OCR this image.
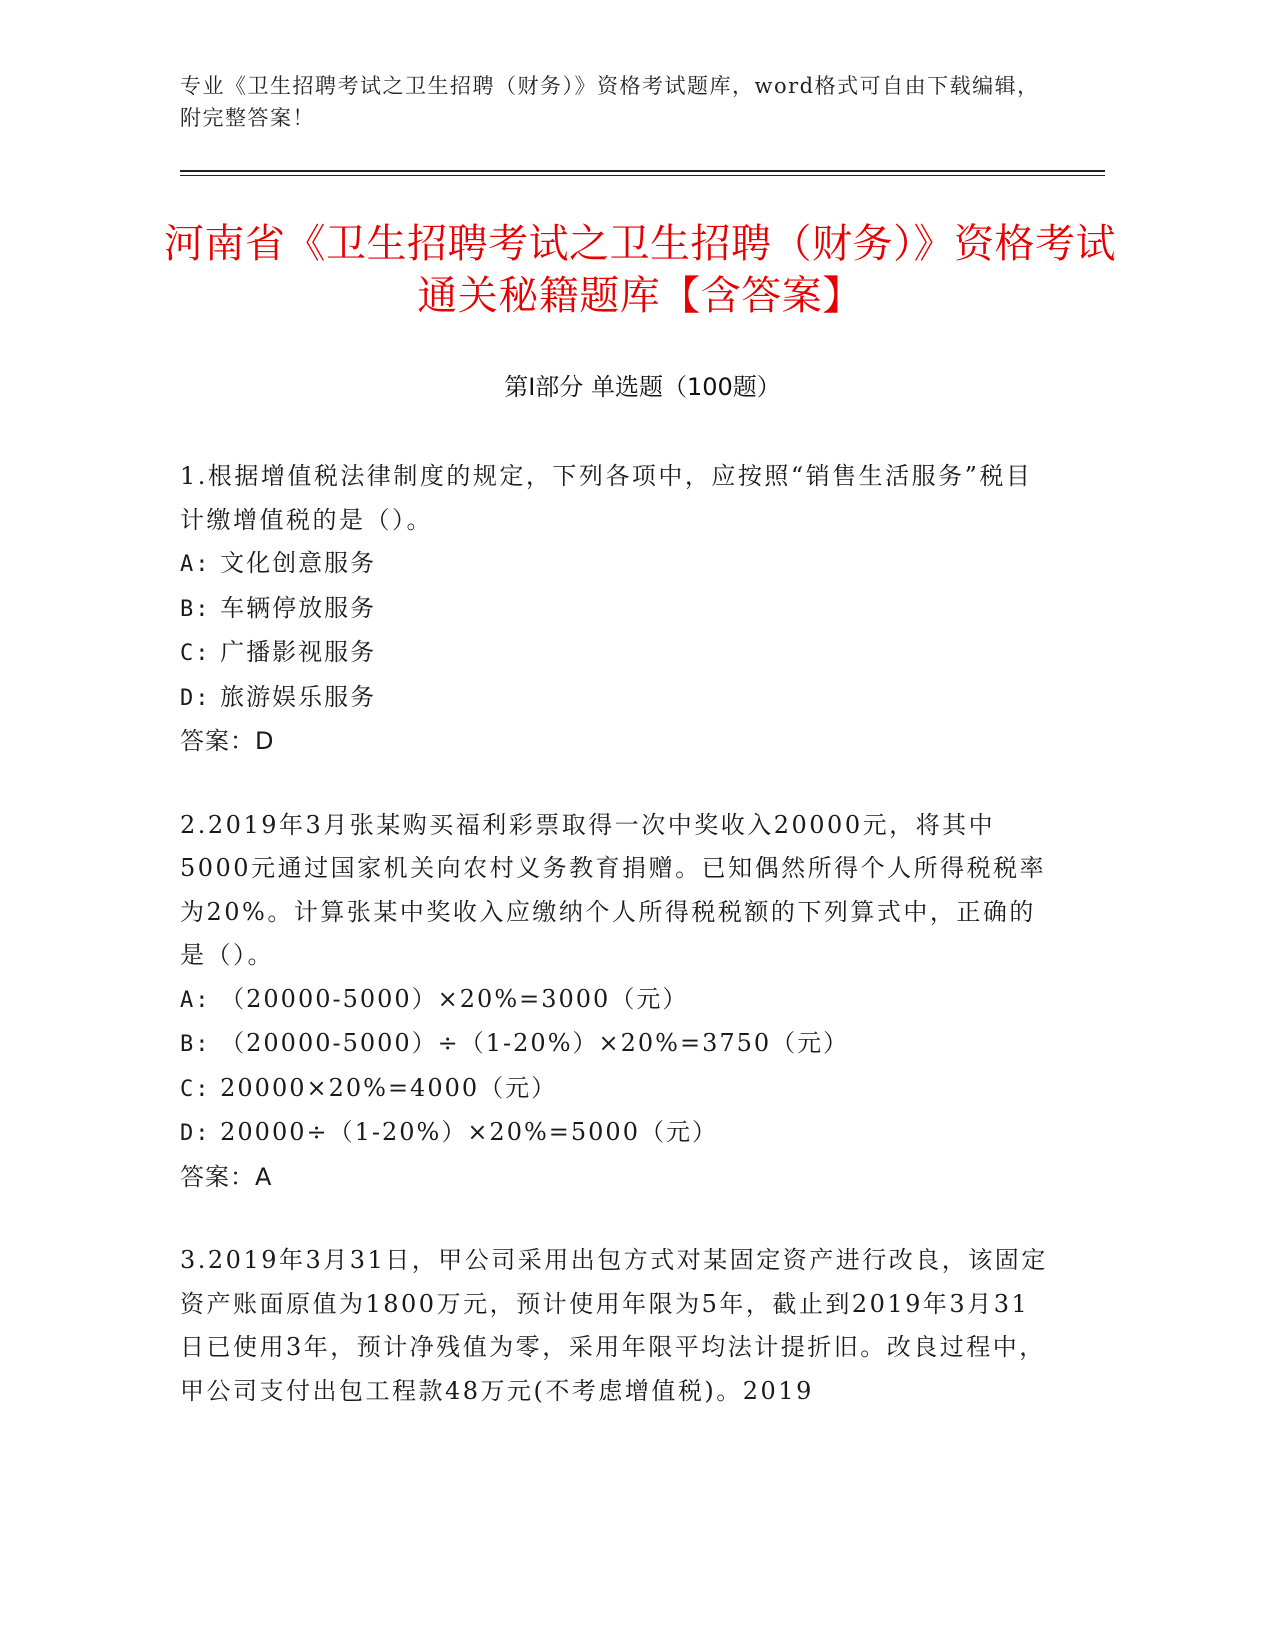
专业《卫生招聘考试之卫生招聘（财务）》资格考试题库，word格式可自由下载编辑，附完整答案！
河南省《卫生招聘考试之卫生招聘（财务）》资格考试通关秘籍题库【含答案】
第Ⅰ部分 单选题（100题）

1.根据增值税法律制度的规定，下列各项中，应按照“销售生活服务”税目计缴增值税的是（）。

A: 文化创意服务

B: 车辆停放服务

C: 广播影视服务

D: 旅游娱乐服务

答案：D

2.2019年3月张某购买福利彩票取得一次中奖收入20000元，将其中5000元通过国家机关向农村义务教育捐赠。已知偶然所得个人所得税税率为20%。计算张某中奖收入应缴纳个人所得税税额的下列算式中，正确的是（）。

A: （20000-5000）×20%=3000（元）

B: （20000-5000）÷（1-20%）×20%=3750（元）

C: 20000×20%=4000（元）

D: 20000÷（1-20%）×20%=5000（元）

答案：A

3.2019年3月31日，甲公司采用出包方式对某固定资产进行改良，该固定资产账面原值为1800万元，预计使用年限为5年，截止到2019年3月31日已使用3年，预计净残值为零，采用年限平均法计提折旧。改良过程中，甲公司支付出包工程款48万元(不考虑增值税)。2019
